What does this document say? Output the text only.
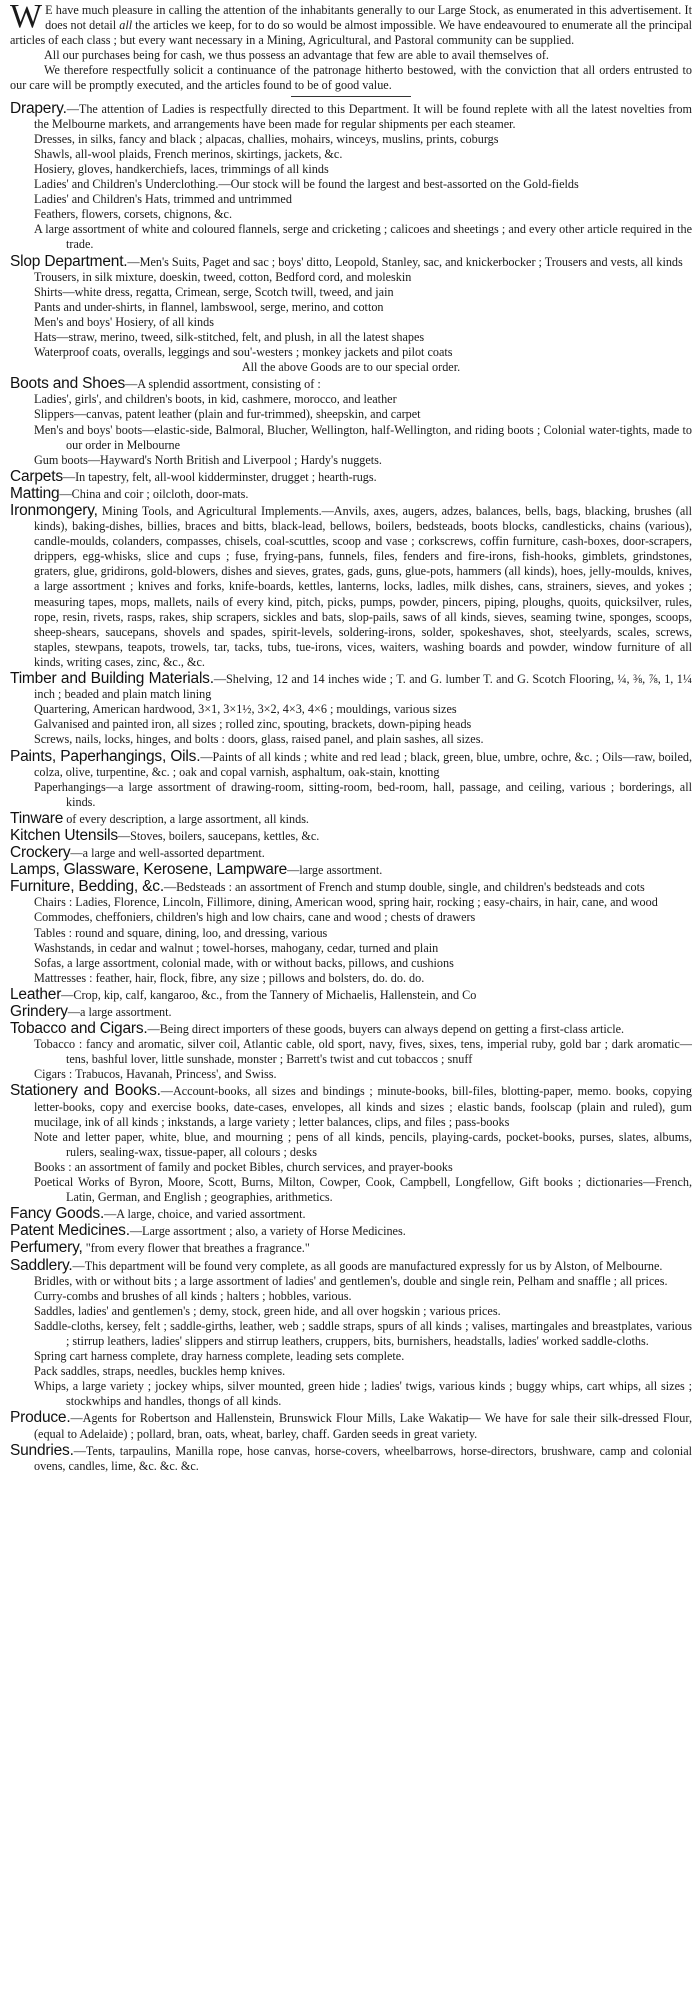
W E have much pleasure in calling the attention of the inhabitants generally to our Large Stock, as enumerated in this advertisement. It does not detail all the articles we keep, for to do so would be almost impossible. We have endeavoured to enumerate all the principal articles of each class ; but every want necessary in a Mining, Agricultural, and Pastoral community can be supplied.

All our purchases being for cash, we thus possess an advantage that few are able to avail themselves of.

We therefore respectfully solicit a continuance of the patronage hitherto bestowed, with the conviction that all orders entrusted to our care will be promptly executed, and the articles found to be of good value.

Drapery.—The attention of Ladies is respectfully directed to this Department. It will be found replete with all the latest novelties from the Melbourne markets, and arrangements have been made for regular shipments per each steamer.

Dresses, in silks, fancy and black ; alpacas, challies, mohairs, winceys, muslins, prints, coburgs

Shawls, all-wool plaids, French merinos, skirtings, jackets, &c.

Hosiery, gloves, handkerchiefs, laces, trimmings of all kinds

Ladies' and Children's Underclothing.—Our stock will be found the largest and best-assorted on the Gold-fields

Ladies' and Children's Hats, trimmed and untrimmed

Feathers, flowers, corsets, chignons, &c.

A large assortment of white and coloured flannels, serge and cricketing ; calicoes and sheetings ; and every other article required in the trade.

Slop Department.—Men's Suits, Paget and sac ; boys' ditto, Leopold, Stanley, sac, and knickerbocker ; Trousers and vests, all kinds

Trousers, in silk mixture, doeskin, tweed, cotton, Bedford cord, and moleskin

Shirts—white dress, regatta, Crimean, serge, Scotch twill, tweed, and jain

Pants and under-shirts, in flannel, lambswool, serge, merino, and cotton

Men's and boys' Hosiery, of all kinds

Hats—straw, merino, tweed, silk-stitched, felt, and plush, in all the latest shapes

Waterproof coats, overalls, leggings and sou'-westers ; monkey jackets and pilot coats

All the above Goods are to our special order.

Boots and Shoes—A splendid assortment, consisting of :

Ladies', girls', and children's boots, in kid, cashmere, morocco, and leather

Slippers—canvas, patent leather (plain and fur-trimmed), sheepskin, and carpet

Men's and boys' boots—elastic-side, Balmoral, Blucher, Wellington, half-Wellington, and riding boots ; Colonial water-tights, made to our order in Melbourne

Gum boots—Hayward's North British and Liverpool ; Hardy's nuggets.

Carpets—In tapestry, felt, all-wool kidderminster, drugget ; hearth-rugs.

Matting—China and coir ; oilcloth, door-mats.

Ironmongery, Mining Tools, and Agricultural Implements.—Anvils, axes, augers, adzes, balances, bells, bags, blacking, brushes (all kinds), baking-dishes, billies, braces and bitts, black-lead, bellows, boilers, bedsteads, boots blocks, candlesticks, chains (various), candle-moulds, colanders, compasses, chisels, coal-scuttles, scoop and vase ; corkscrews, coffin furniture, cash-boxes, door-scrapers, drippers, egg-whisks, slice and cups ; fuse, frying-pans, funnels, files, fenders and fire-irons, fish-hooks, gimblets, grindstones, graters, glue, gridirons, gold-blowers, dishes and sieves, grates, gads, guns, glue-pots, hammers (all kinds), hoes, jelly-moulds, knives, a large assortment ; knives and forks, knife-boards, kettles, lanterns, locks, ladles, milk dishes, cans, strainers, sieves, and yokes ; measuring tapes, mops, mallets, nails of every kind, pitch, picks, pumps, powder, pincers, piping, ploughs, quoits, quicksilver, rules, rope, resin, rivets, rasps, rakes, ship scrapers, sickles and bats, slop-pails, saws of all kinds, sieves, seaming twine, sponges, scoops, sheep-shears, saucepans, shovels and spades, spirit-levels, soldering-irons, solder, spokeshaves, shot, steelyards, scales, screws, staples, stewpans, teapots, trowels, tar, tacks, tubs, tue-irons, vices, waiters, washing boards and powder, window furniture of all kinds, writing cases, zinc, &c., &c.

Timber and Building Materials.—Shelving, 12 and 14 inches wide ; T. and G. lumber T. and G. Scotch Flooring, ¼, ⅜, ⅞, 1, 1¼ inch ; beaded and plain match lining

Quartering, American hardwood, 3×1, 3×1½, 3×2, 4×3, 4×6 ; mouldings, various sizes

Galvanised and painted iron, all sizes ; rolled zinc, spouting, brackets, down-piping heads

Screws, nails, locks, hinges, and bolts : doors, glass, raised panel, and plain sashes, all sizes.

Paints, Paperhangings, Oils.—Paints of all kinds ; white and red lead ; black, green, blue, umbre, ochre, &c. ; Oils—raw, boiled, colza, olive, turpentine, &c. ; oak and copal varnish, asphaltum, oak-stain, knotting

Paperhangings—a large assortment of drawing-room, sitting-room, bed-room, hall, passage, and ceiling, various ; borderings, all kinds.

Tinware of every description, a large assortment, all kinds.

Kitchen Utensils—Stoves, boilers, saucepans, kettles, &c.

Crockery—a large and well-assorted department.

Lamps, Glassware, Kerosene, Lampware—large assortment.

Furniture, Bedding, &c.—Bedsteads : an assortment of French and stump double, single, and children's bedsteads and cots

Chairs : Ladies, Florence, Lincoln, Fillimore, dining, American wood, spring hair, rocking ; easy-chairs, in hair, cane, and wood

Commodes, cheffoniers, children's high and low chairs, cane and wood ; chests of drawers

Tables : round and square, dining, loo, and dressing, various

Washstands, in cedar and walnut ; towel-horses, mahogany, cedar, turned and plain

Sofas, a large assortment, colonial made, with or without backs, pillows, and cushions

Mattresses : feather, hair, flock, fibre, any size ; pillows and bolsters, do. do. do.

Leather—Crop, kip, calf, kangaroo, &c., from the Tannery of Michaelis, Hallenstein, and Co

Grindery—a large assortment.

Tobacco and Cigars.—Being direct importers of these goods, buyers can always depend on getting a first-class article.

Tobacco : fancy and aromatic, silver coil, Atlantic cable, old sport, navy, fives, sixes, tens, imperial ruby, gold bar ; dark aromatic—tens, bashful lover, little sunshade, monster ; Barrett's twist and cut tobaccos ; snuff

Cigars : Trabucos, Havanah, Princess', and Swiss.

Stationery and Books.—Account-books, all sizes and bindings ; minute-books, bill-files, blotting-paper, memo. books, copying letter-books, copy and exercise books, date-cases, envelopes, all kinds and sizes ; elastic bands, foolscap (plain and ruled), gum mucilage, ink of all kinds ; inkstands, a large variety ; letter balances, clips, and files ; pass-books

Note and letter paper, white, blue, and mourning ; pens of all kinds, pencils, playing-cards, pocket-books, purses, slates, albums, rulers, sealing-wax, tissue-paper, all colours ; desks

Books : an assortment of family and pocket Bibles, church services, and prayer-books

Poetical Works of Byron, Moore, Scott, Burns, Milton, Cowper, Cook, Campbell, Longfellow, Gift books ; dictionaries—French, Latin, German, and English ; geographies, arithmetics.

Fancy Goods.—A large, choice, and varied assortment.

Patent Medicines.—Large assortment ; also, a variety of Horse Medicines.

Perfumery, "from every flower that breathes a fragrance."

Saddlery.—This department will be found very complete, as all goods are manufactured expressly for us by Alston, of Melbourne.

Bridles, with or without bits ; a large assortment of ladies' and gentlemen's, double and single rein, Pelham and snaffle ; all prices.

Curry-combs and brushes of all kinds ; halters ; hobbles, various.

Saddles, ladies' and gentlemen's ; demy, stock, green hide, and all over hogskin ; various prices.

Saddle-cloths, kersey, felt ; saddle-girths, leather, web ; saddle straps, spurs of all kinds ; valises, martingales and breastplates, various ; stirrup leathers, ladies' slippers and stirrup leathers, cruppers, bits, burnishers, headstalls, ladies' worked saddle-cloths.

Spring cart harness complete, dray harness complete, leading sets complete.

Pack saddles, straps, needles, buckles hemp knives.

Whips, a large variety ; jockey whips, silver mounted, green hide ; ladies' twigs, various kinds ; buggy whips, cart whips, all sizes ; stockwhips and handles, thongs of all kinds.

Produce.—Agents for Robertson and Hallenstein, Brunswick Flour Mills, Lake Wakatip— We have for sale their silk-dressed Flour, (equal to Adelaide) ; pollard, bran, oats, wheat, barley, chaff. Garden seeds in great variety.

Sundries.—Tents, tarpaulins, Manilla rope, hose canvas, horse-covers, wheelbarrows, horse-directors, brushware, camp and colonial ovens, candles, lime, &c. &c. &c.
